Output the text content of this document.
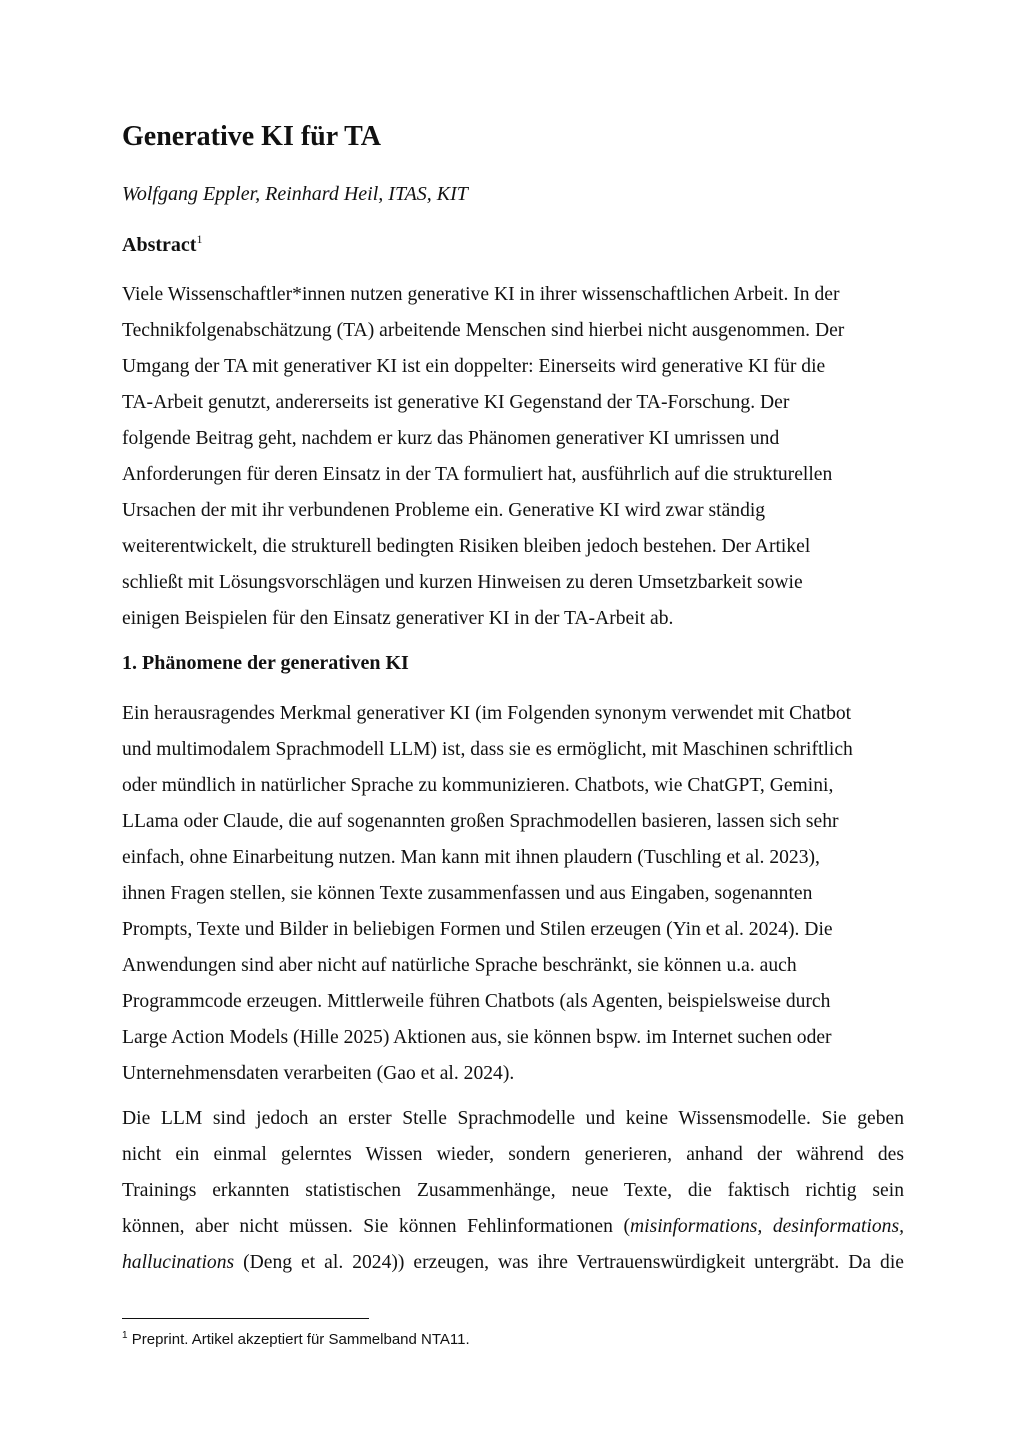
Generative KI für TA
Wolfgang Eppler, Reinhard Heil, ITAS, KIT
Abstract$^1$
Viele Wissenschaftler*innen nutzen generative KI in ihrer wissenschaftlichen Arbeit. In der
Technikfolgenabschätzung (TA) arbeitende Menschen sind hierbei nicht ausgenommen. Der
Umgang der TA mit generativer KI ist ein doppelter: Einerseits wird generative KI für die
TA-Arbeit genutzt, andererseits ist generative KI Gegenstand der TA-Forschung. Der
folgende Beitrag geht, nachdem er kurz das Phänomen generativer KI umrissen und
Anforderungen für deren Einsatz in der TA formuliert hat, ausführlich auf die strukturellen
Ursachen der mit ihr verbundenen Probleme ein. Generative KI wird zwar ständig
weiterentwickelt, die strukturell bedingten Risiken bleiben jedoch bestehen. Der Artikel
schließt mit Lösungsvorschlägen und kurzen Hinweisen zu deren Umsetzbarkeit sowie
einigen Beispielen für den Einsatz generativer KI in der TA-Arbeit ab.
1. Phänomene der generativen KI
Ein herausragendes Merkmal generativer KI (im Folgenden synonym verwendet mit Chatbot
und multimodalem Sprachmodell LLM) ist, dass sie es ermöglicht, mit Maschinen schriftlich
oder mündlich in natürlicher Sprache zu kommunizieren. Chatbots, wie ChatGPT, Gemini,
LLama oder Claude, die auf sogenannten großen Sprachmodellen basieren, lassen sich sehr
einfach, ohne Einarbeitung nutzen. Man kann mit ihnen plaudern (Tuschling et al. 2023),
ihnen Fragen stellen, sie können Texte zusammenfassen und aus Eingaben, sogenannten
Prompts, Texte und Bilder in beliebigen Formen und Stilen erzeugen (Yin et al. 2024). Die
Anwendungen sind aber nicht auf natürliche Sprache beschränkt, sie können u.a. auch
Programmcode erzeugen. Mittlerweile führen Chatbots (als Agenten, beispielsweise durch
Large Action Models (Hille 2025) Aktionen aus, sie können bspw. im Internet suchen oder
Unternehmensdaten verarbeiten (Gao et al. 2024).
Die LLM sind jedoch an erster Stelle Sprachmodelle und keine Wissensmodelle. Sie geben
nicht ein einmal gelerntes Wissen wieder, sondern generieren, anhand der während des
Trainings erkannten statistischen Zusammenhänge, neue Texte, die faktisch richtig sein
können, aber nicht müssen. Sie können Fehlinformationen (misinformations, desinformations,
hallucinations (Deng et al. 2024)) erzeugen, was ihre Vertrauenswürdigkeit untergräbt. Da die
$^1$ Preprint. Artikel akzeptiert für Sammelband NTA11.
